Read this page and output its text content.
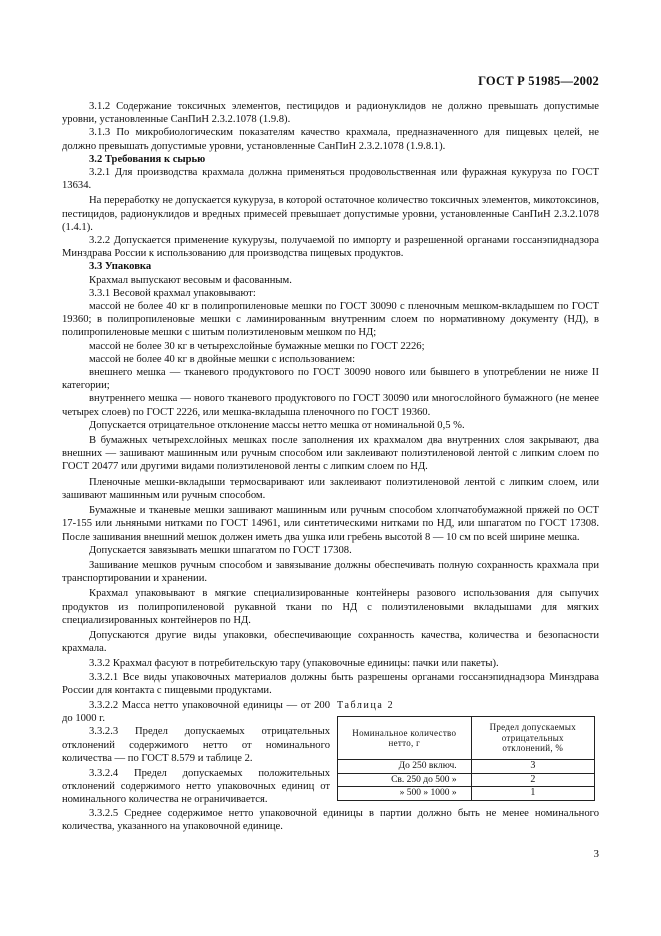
ГОСТ Р 51985—2002

3.1.2 Содержание токсичных элементов, пестицидов и радионуклидов не должно превышать допустимые уровни, установленные СанПиН 2.3.2.1078 (1.9.8).

3.1.3 По микробиологическим показателям качество крахмала, предназначенного для пищевых целей, не должно превышать допустимые уровни, установленные СанПиН 2.3.2.1078 (1.9.8.1).

3.2 Требования к сырью

3.2.1 Для производства крахмала должна применяться продовольственная или фуражная кукуруза по ГОСТ 13634.

На переработку не допускается кукуруза, в которой остаточное количество токсичных элементов, микотоксинов, пестицидов, радионуклидов и вредных примесей превышает допустимые уровни, установленные СанПиН 2.3.2.1078 (1.4.1).

3.2.2 Допускается применение кукурузы, получаемой по импорту и разрешенной органами госсанэпиднадзора Минздрава России к использованию для производства пищевых продуктов.

3.3 Упаковка

Крахмал выпускают весовым и фасованным.

3.3.1 Весовой крахмал упаковывают:

массой не более 40 кг в полипропиленовые мешки по ГОСТ 30090 с пленочным мешком-вкладышем по ГОСТ 19360; в полипропиленовые мешки с ламинированным внутренним слоем по нормативному документу (НД), в полипропиленовые мешки с шитым полиэтиленовым мешком по НД;

массой не более 30 кг в четырехслойные бумажные мешки по ГОСТ 2226;

массой не более 40 кг в двойные мешки с использованием:

внешнего мешка — тканевого продуктового по ГОСТ 30090 нового или бывшего в употреблении не ниже II категории;

внутреннего мешка — нового тканевого продуктового по ГОСТ 30090 или многослойного бумажного (не менее четырех слоев) по ГОСТ 2226, или мешка-вкладыша пленочного по ГОСТ 19360.

Допускается отрицательное отклонение массы нетто мешка от номинальной 0,5 %.

В бумажных четырехслойных мешках после заполнения их крахмалом два внутренних слоя закрывают, два внешних — зашивают машинным или ручным способом или заклеивают полиэтиленовой лентой с липким слоем по ГОСТ 20477 или другими видами полиэтиленовой ленты с липким слоем по НД.

Пленочные мешки-вкладыши термосваривают или заклеивают полиэтиленовой лентой с липким слоем, или зашивают машинным или ручным способом.

Бумажные и тканевые мешки зашивают машинным или ручным способом хлопчатобумажной пряжей по ОСТ 17-155 или льняными нитками по ГОСТ 14961, или синтетическими нитками по НД, или шпагатом по ГОСТ 17308. После зашивания внешний мешок должен иметь два ушка или гребень высотой 8 — 10 см по всей ширине мешка.

Допускается завязывать мешки шпагатом по ГОСТ 17308.

Зашивание мешков ручным способом и завязывание должны обеспечивать полную сохранность крахмала при транспортировании и хранении.

Крахмал упаковывают в мягкие специализированные контейнеры разового использования для сыпучих продуктов из полипропиленовой рукавной ткани по НД с полиэтиленовыми вкладышами для мягких специализированных контейнеров по НД.

Допускаются другие виды упаковки, обеспечивающие сохранность качества, количества и безопасности крахмала.

3.3.2 Крахмал фасуют в потребительскую тару (упаковочные единицы: пачки или пакеты).

3.3.2.1 Все виды упаковочных материалов должны быть разрешены органами госсанэпиднадзора Минздрава России для контакта с пищевыми продуктами.

3.3.2.2 Масса нетто упаковочной единицы — от 200 до 1000 г.

3.3.2.3 Предел допускаемых отрицательных отклонений содержимого нетто от номинального количества — по ГОСТ 8.579 и таблице 2.

3.3.2.4 Предел допускаемых положительных отклонений содержимого нетто упаковочных единиц от номинального количества не ограничивается.

Таблица 2
Номинальное количество нетто, г	Предел допускаемых отрицательных отклонений, %
До 250 включ.	3
Св. 250 до 500 »	2
» 500 » 1000 »	1

3.3.2.5 Среднее содержимое нетто упаковочной единицы в партии должно быть не менее номинального количества, указанного на упаковочной единице.

3
